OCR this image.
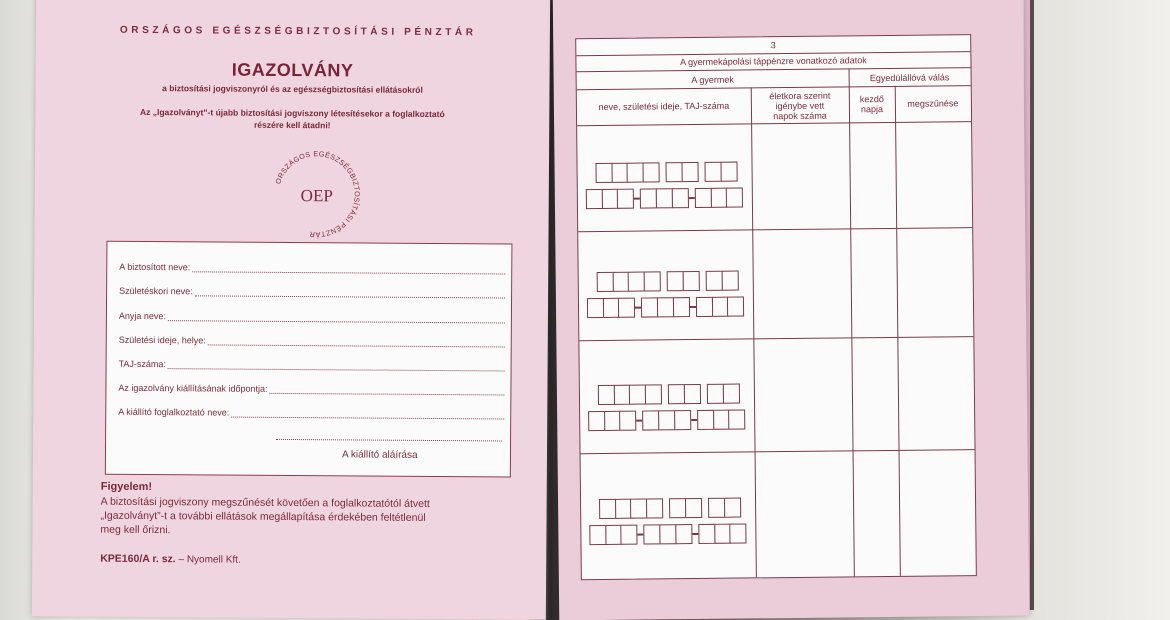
ORSZÁGOS EGÉSZSÉGBIZTOSÍTÁSI PÉNZTÁR
IGAZOLVÁNY
a biztosítási jogviszonyról és az egészségbiztosítási ellátásokról
Az „Igazolványt”-t újabb biztosítási jogviszony létesítésekor a foglalkoztató
részére kell átadni!
ORSZÁGOS EGÉSZSÉGBIZTOSÍTÁSI PÉNZTÁR
OEP
A biztosított neve:
Születéskori neve:
Anyja neve:
Születési ideje, helye:
TAJ-száma:
Az igazolvány kiállításának időpontja:
A kiállító foglalkoztató neve:
A kiállító aláírása
Figyelem!
A biztosítási jogviszony megszűnését követően a foglalkoztatótól átvett
„Igazolványt”-t a további ellátások megállapítása érdekében feltétlenül
meg kell őrizni.
KPE160/A r. sz. – Nyomell Kft.
3
A gyermekápolási táppénzre vonatkozó adatok
A gyermek	Egyedülállóvá válás
neve, születési ideje, TAJ-száma
életkora szerint
igénybe vett
napok száma
kezdő
napja
megszűnése
